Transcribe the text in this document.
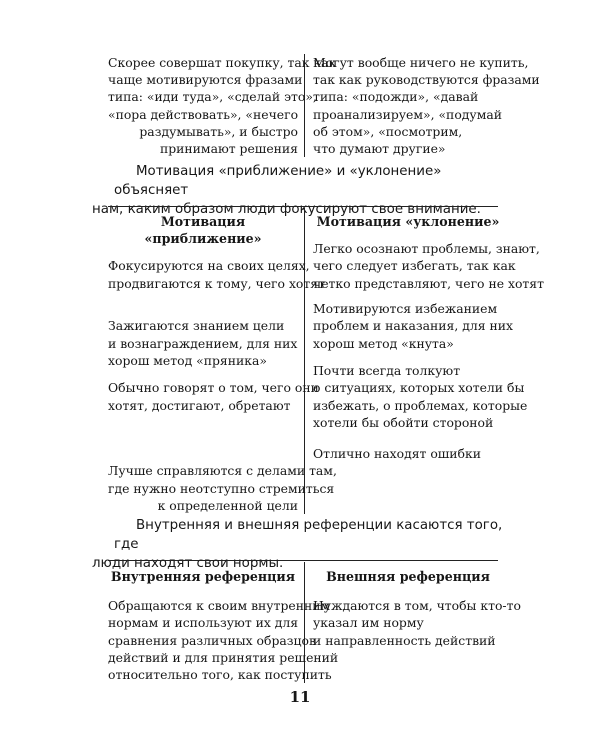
Скорее совершат покупку, так как
чаще мотивируются фразами
типа: «иди туда», «сделай это»,
«пора действовать», «нечего
раздумывать», и быстро
принимают решения
Могут вообще ничего не купить,
так как руководствуются фразами
типа: «подожди», «давай
проанализируем», «подумай
об этом», «посмотрим,
что думают другие»
Мотивация «приближение» и «уклонение» объясняет
нам, каким образом люди фокусируют свое внимание.
Мотивация «приближение»
Фокусируются на своих целях,
продвигаются к тому, чего хотят
Зажигаются знанием цели
и вознаграждением, для них
хорош метод «пряника»
Обычно говорят о том, чего они
хотят, достигают, обретают
Лучше справляются с делами там,
где нужно неотступно стремиться
к определенной цели
Мотивация «уклонение»
Легко осознают проблемы, знают,
чего следует избегать, так как
четко представляют, чего не хотят
Мотивируются избежанием
проблем и наказания, для них
хорош метод «кнута»
Почти всегда толкуют
о ситуациях, которых хотели бы
избежать, о проблемах, которые
хотели бы обойти стороной
Отлично находят ошибки
Внутренняя и внешняя референции касаются того, где
люди находят свои нормы.
Внутренняя референция
Обращаются к своим внутренним
нормам и используют их для
сравнения различных образцов
действий и для принятия решений
относительно того, как поступить
Внешняя референция
Нуждаются в том, чтобы кто-то
указал им норму
и направленность действий
11
